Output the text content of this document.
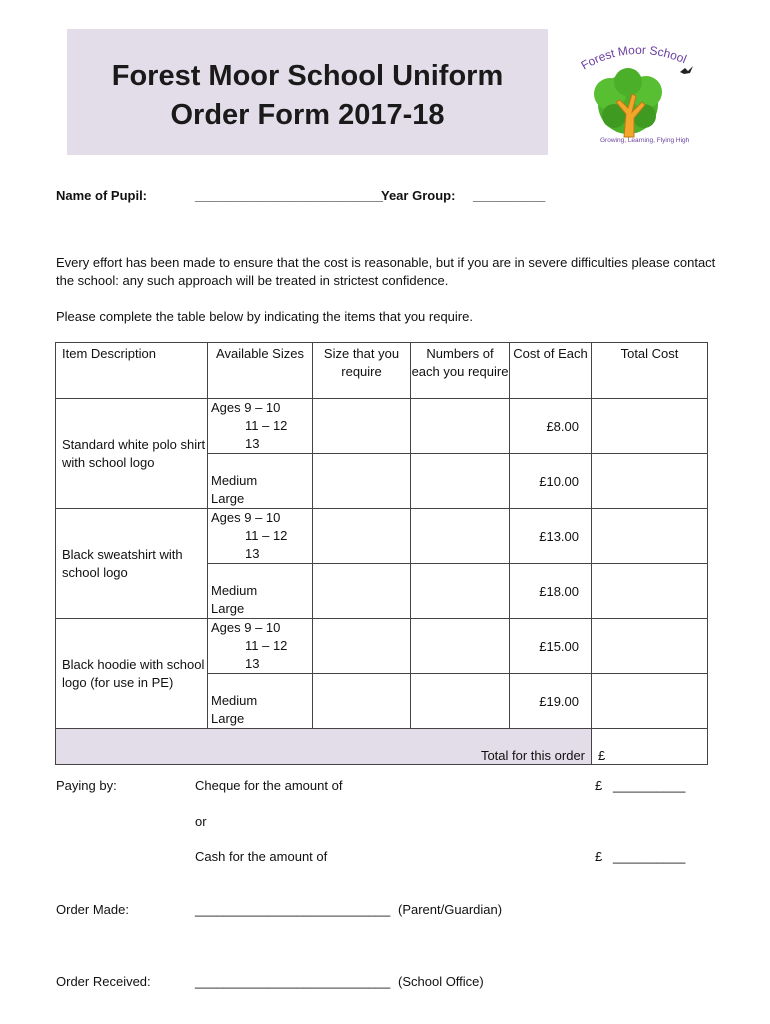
Forest Moor School Uniform
Order Form 2017-18
Forest Moor School
Growing, Learning, Flying High
Name of Pupil:	__________________________
Year Group: __________
Every effort has been made to ensure that the cost is reasonable, but if you are in severe difficulties please contact the school: any such approach will be treated in strictest confidence.
Please complete the table below by indicating the items that you require.
Item Description	Available Sizes	Size that you require	Numbers of each you require	Cost of Each	Total Cost
Standard white polo shirt with school logo	Ages 9 – 10
11 – 12
13			£8.00	

	Medium
Large			£10.00	
Black sweatshirt with school logo	Ages 9 – 10
11 – 12
13			£13.00	

	Medium
Large			£18.00	
Black hoodie with school logo (for use in PE)	Ages 9 – 10
11 – 12
13			£15.00	

	Medium
Large			£19.00	
Total for this order					£
Paying by:	Cheque for the amount of	£ __________
or
Cash for the amount of	£ __________
Order Made:	___________________________ (Parent/Guardian)
Order Received:	___________________________ (School Office)
